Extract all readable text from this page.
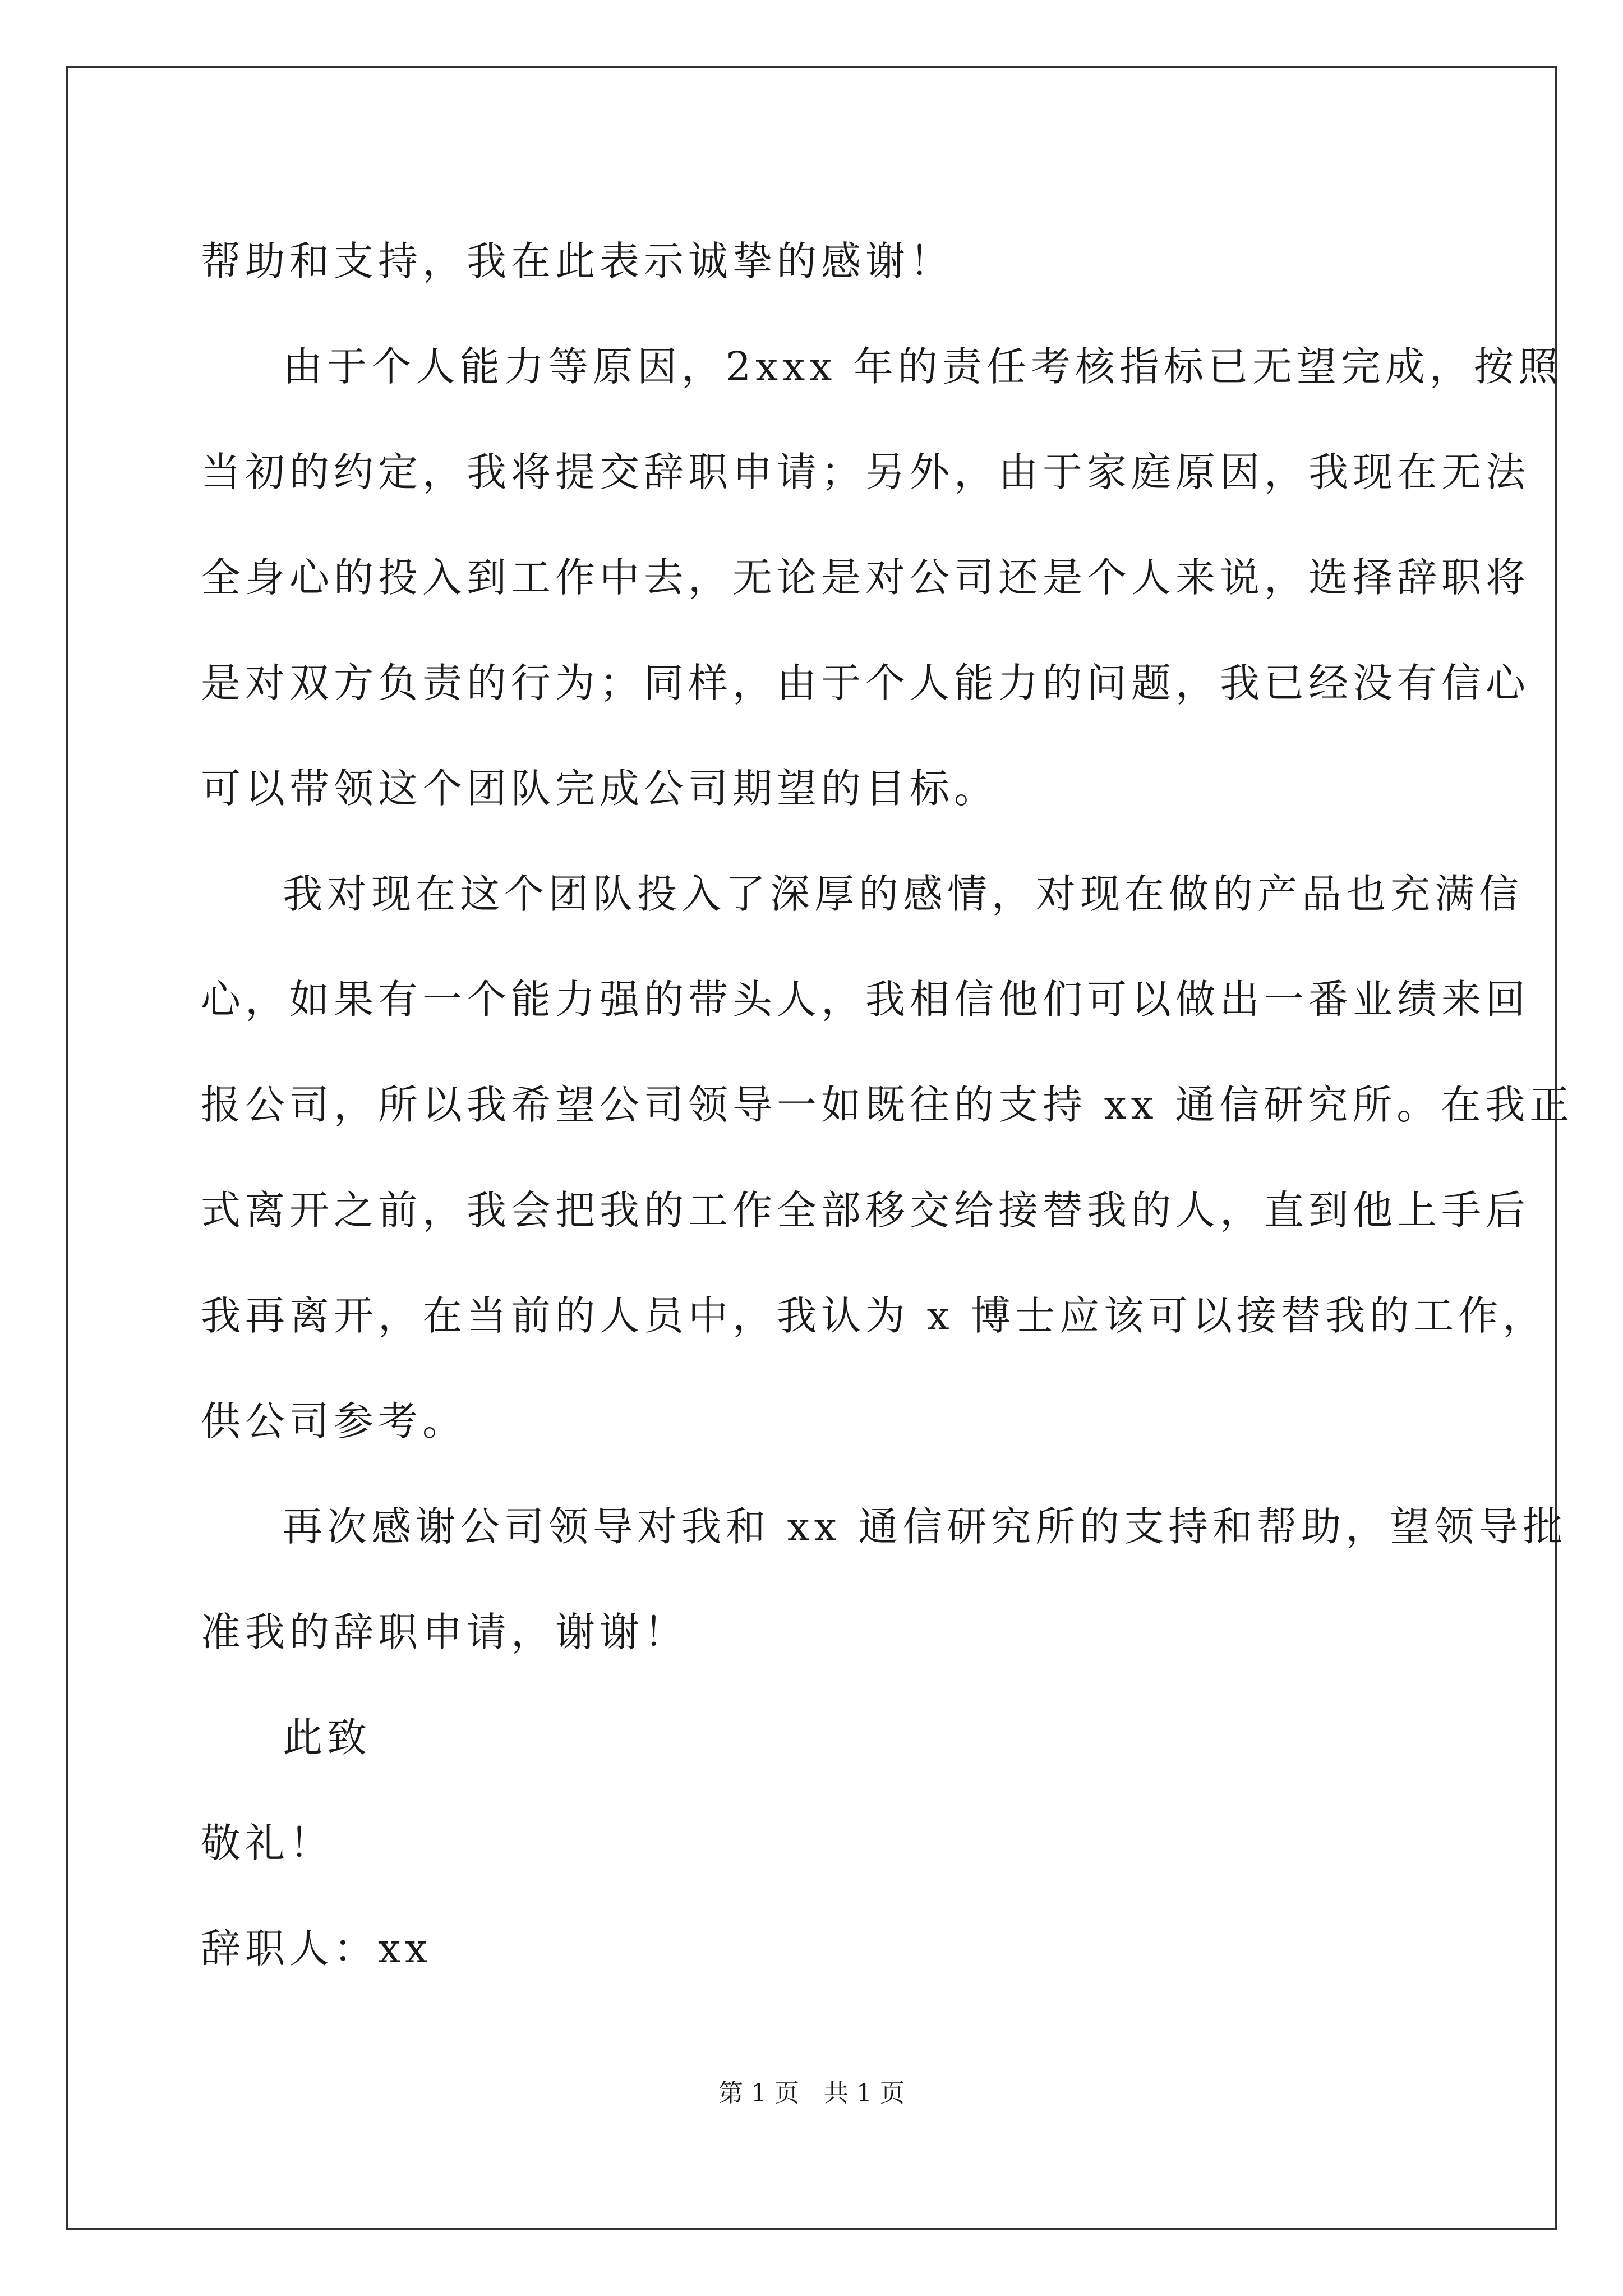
帮助和支持，我在此表示诚挚的感谢！
由于个人能力等原因，2xxx 年的责任考核指标已无望完成，按照
当初的约定，我将提交辞职申请；另外，由于家庭原因，我现在无法
全身心的投入到工作中去，无论是对公司还是个人来说，选择辞职将
是对双方负责的行为；同样，由于个人能力的问题，我已经没有信心
可以带领这个团队完成公司期望的目标。
我对现在这个团队投入了深厚的感情，对现在做的产品也充满信
心，如果有一个能力强的带头人，我相信他们可以做出一番业绩来回
报公司，所以我希望公司领导一如既往的支持 xx 通信研究所。在我正
式离开之前，我会把我的工作全部移交给接替我的人，直到他上手后
我再离开，在当前的人员中，我认为 x 博士应该可以接替我的工作，
供公司参考。
再次感谢公司领导对我和 xx 通信研究所的支持和帮助，望领导批
准我的辞职申请，谢谢！
此致
敬礼！
辞职人：xx
第 1 页　共 1 页
